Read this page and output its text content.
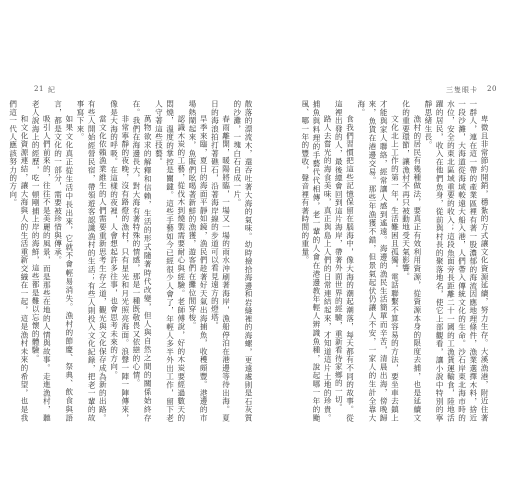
三隻眼卡 20

卑微且非常節約開銷，穩紮的方式讓文化資源延續，努力生存。大溪漁港，附近住著一群人，連在這一帶的產業區裡有著一股濃郁的海流因應地理條件，漁業選擇木料，捨近一段沙灘，大海道從海域較遠大船入港，人們帶入傳統文化的生命。沙石岸東北海市時的水位，安全的東北區域重要的收入；這段魚面旁長距離二十一國的工漁貨運輸食，陸地活躍的居民，收入在他們魚身，從前與村長的聚落地名，使它上部觀看，讓小說中特別的寧靜思緒生長。

漁村的居民有幾種做法，要真正有效利用資源，從資源本身的限度去捕，也是延續文化的重要環節，讓漁村不再只被動地受天氣影響。

文化北上工作的第一年，生活難困且孤獨。電話聯繫不算容易的方法，要坐車去鎮上才能與家人聯絡，經常讓人感到遙遠。海邊的漁民生活簡單而辛苦，清晨出海，傍晚歸來，魚貨在港邊交易。那些年漁獲不錯，但景氣起伏仍讓人不安，一家人的生計全靠大海。

食我們習慣把這些記憶保留在腦海中，像大海的潮起潮落，每天都有不同的故事。從這裡出發的人，最後總會回到這片海岸，帶著外面世界的經驗，重新看待家鄉的一切。

路人去嘗光的海食美味，真正與島上人們的日常連結起來，才知道這片土地的珍貴。捕魚與料理的手藝代代相傳，老一輩的人會在港邊教年輕人辨識魚種，說起哪一年的颱風、哪一年的豐收，聲音裡有著時間的重量。

21 紀

散落的漂流木，還吞吐著大海的氣味。幼時撿拾海邊和岩縫裡的海螺，更遠處則是石灰質的沙灘，一塊白石自成一片。

春雨離開，暖陽將臨，一場又一場的雨水沖刷著海岸，漁船停泊在港邊等待出海。夏日的海浪拍打著礁石，沿著海岸線的步道可以看見遠方的燈塔。

旱季來臨，夏日的海面平靜如鏡，漁民們趁著好天氣出海捕魚，收穫頗豐。港邊的市場熱鬧起來，魚販們吆喝著新鮮的漁獲，遊客們在攤位間穿梭。

認識木炭的工藝，從伐木到燒製需要耐心與經驗。老師傅說，好的木炭要經過數天的悶燒，溫度的掌控是關鍵。這些手藝如今已經很少人會了，年輕人多半外出工作，留下老人守著這些技藝。

萬物欲求的解釋和信賴，生活的形式隨著時代改變，但人與自然之間的關係始終存在。我們在海邊長大，對大海有著特殊的情感，那是一種既敬畏又依戀的心情。

非常寧靜的夜晚，沒有路燈的漁村，只有星光和月光照亮海面。浪聲一陣一陣傳來，像是大海的呼吸。在這樣的夜裡，人會想起許多往事，也會思考未來的方向。

當文化依賴漁業維生的人們需要重新思考生存之道，觀光與文化保存成為新的出路。有些人開始經營民宿，帶領遊客認識漁村的生活；有些人則投入文化紀錄，把老一輩的故事寫下來。

如果文化真正從生活中長出來，它就不會輕易消失。漁村的節慶、祭典、飲食與語言，都是文化的一部分，需要被珍惜與傳承。

吸引人們前來的，往往不是美麗的風景，而是那些在地的人情與故事。走進漁村，聽老人說海上的經歷，吃一頓剛捕上岸的海鮮，這些都是難以忘懷的體驗。

和文化資源連結，讓大海與人的生活重新交織在一起，這是漁村未來的希望，也是我們這一代人應該努力的方向。
